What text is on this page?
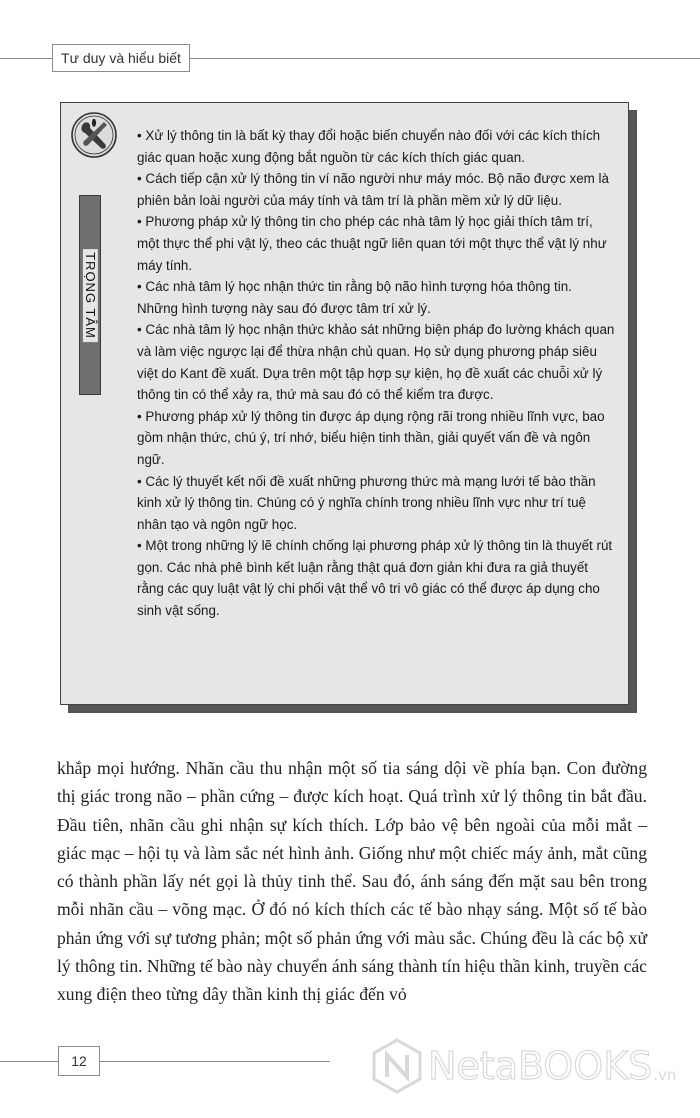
Tư duy và hiểu biết
TRỌNG TÂM
• Xử lý thông tin là bất kỳ thay đổi hoặc biến chuyển nào đối với các kích thích giác quan hoặc xung động bắt nguồn từ các kích thích giác quan.
• Cách tiếp cận xử lý thông tin ví não người như máy móc. Bộ não được xem là phiên bản loài người của máy tính và tâm trí là phần mềm xử lý dữ liệu.
• Phương pháp xử lý thông tin cho phép các nhà tâm lý học giải thích tâm trí, một thực thể phi vật lý, theo các thuật ngữ liên quan tới một thực thể vật lý như máy tính.
• Các nhà tâm lý học nhận thức tin rằng bộ não hình tượng hóa thông tin. Những hình tượng này sau đó được tâm trí xử lý.
• Các nhà tâm lý học nhận thức khảo sát những biện pháp đo lường khách quan và làm việc ngược lại để thừa nhận chủ quan. Họ sử dụng phương pháp siêu việt do Kant đề xuất. Dựa trên một tập hợp sự kiện, họ đề xuất các chuỗi xử lý thông tin có thể xảy ra, thứ mà sau đó có thể kiểm tra được.
• Phương pháp xử lý thông tin được áp dụng rộng rãi trong nhiều lĩnh vực, bao gồm nhận thức, chú ý, trí nhớ, biểu hiện tinh thần, giải quyết vấn đề và ngôn ngữ.
• Các lý thuyết kết nối đề xuất những phương thức mà mạng lưới tế bào thần kinh xử lý thông tin. Chúng có ý nghĩa chính trong nhiều lĩnh vực như trí tuệ nhân tạo và ngôn ngữ học.
• Một trong những lý lẽ chính chống lại phương pháp xử lý thông tin là thuyết rút gọn. Các nhà phê bình kết luận rằng thật quá đơn giản khi đưa ra giả thuyết rằng các quy luật vật lý chi phối vật thể vô tri vô giác có thể được áp dụng cho sinh vật sống.

khắp mọi hướng. Nhãn cầu thu nhận một số tia sáng dội về phía bạn. Con đường thị giác trong não – phần cứng – được kích hoạt. Quá trình xử lý thông tin bắt đầu. Đầu tiên, nhãn cầu ghi nhận sự kích thích. Lớp bảo vệ bên ngoài của mỗi mắt – giác mạc – hội tụ và làm sắc nét hình ảnh. Giống như một chiếc máy ảnh, mắt cũng có thành phần lấy nét gọi là thủy tinh thể. Sau đó, ánh sáng đến mặt sau bên trong mỗi nhãn cầu – võng mạc. Ở đó nó kích thích các tế bào nhạy sáng. Một số tế bào phản ứng với sự tương phản; một số phản ứng với màu sắc. Chúng đều là các bộ xử lý thông tin. Những tế bào này chuyển ánh sáng thành tín hiệu thần kinh, truyền các xung điện theo từng dây thần kinh thị giác đến vỏ

12	NetaBOOKS .vn
